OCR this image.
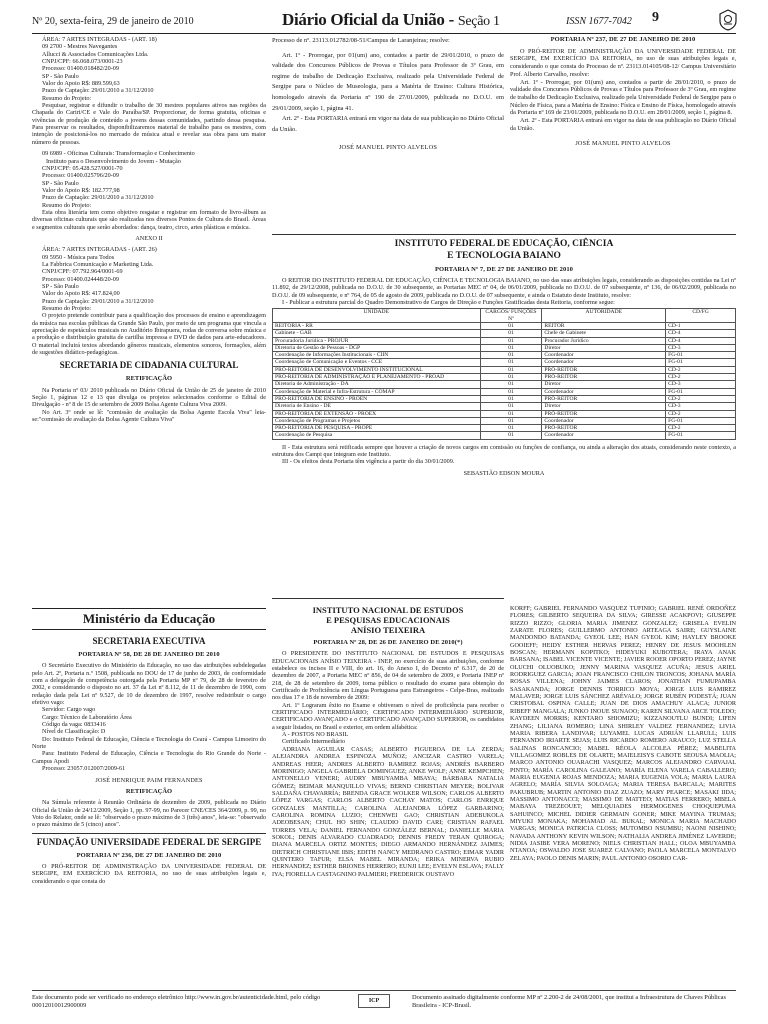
Nº 20, sexta-feira, 29 de janeiro de 2010	Diário Oficial da União - Seção 1	ISSN 1677-7042 9

ÁREA: 7 ARTES INTEGRADAS - (ART. 18)

09 2700 - Mestres Navegantes

Allucci & Associados Comunicações Ltda.

CNPJ/CPF: 66.068.073/0001-23

Processo: 01400.018482/20-09

SP - São Paulo

Valor do Apoio R$: 889.599,63

Prazo de Captação: 29/01/2010 a 31/12/2010

Resumo do Projeto:

Pesquisar, registrar e difundir o trabalho de 30 mestres populares ativos nas regiões da Chapada do Cariri/CE e Vale do Paraíba/SP. Proporcionar, de forma gratuita, oficinas e vivências de produção de conteúdo a jovens dessas comunidades, partindo dessa pesquisa. Para preservar os resultados, disponibilizaremos material de trabalho para os mestres, com intenção de posicioná-los no mercado de música atual e revelar sua obra para um maior número de pessoas.

09 6989 - Oficinas Culturais: Transformação e Conhecimento

Instituto para o Desenvolvimento do Jovem - Mutação

CNPJ/CPF: 05.428.527/0001-70

Processo: 01400.025796/20-09

SP - São Paulo

Valor do Apoio R$: 182.777,98

Prazo de Captação: 29/01/2010 a 31/12/2010

Resumo do Projeto:

Esta obra literária tem como objetivo resgatar e registrar em formato de livro-álbum as diversas oficinas culturais que são realizadas nos diversos Pontos de Cultura do Brasil. Áreas e segmentos culturais que serão abordados: dança, teatro, circo, artes plásticas e música.

ANEXO II

ÁREA: 7 ARTES INTEGRADAS - (ART. 26)

09 5950 - Música para Todos

La Fabbrica Comunicação e Marketing Ltda.

CNPJ/CPF: 07.792.964/0001-69

Processo: 01400.024448/20-09

SP - São Paulo

Valor do Apoio R$: 417.824,00

Prazo de Captação: 29/01/2010 a 31/12/2010

Resumo do Projeto:

O projeto pretende contribuir para a qualificação dos processos de ensino e aprendizagem da música nas escolas públicas da Grande São Paulo, por meio de um programa que vincula a apreciação de espetáculos musicais no Auditório Ibirapuera, rodas de conversa sobre música e a produção e distribuição gratuita de cartilha impressa e DVD de dados para arte-educadores. O material incluirá textos abordando gêneros musicais, elementos sonoros, formações, além de sugestões didático-pedagógicas.

SECRETARIA DE CIDADANIA CULTURAL
RETIFICAÇÃO

Na Portaria nº 03/ 2010 publicada no Diário Oficial da União de 25 de janeiro de 2010 Seção 1, páginas 12 e 13 que divulga os projetos selecionados conforme o Edital de Divulgação - nº 8 de 15 de setembro de 2009 Bolsa Agente Cultura Viva 2009.

No Art. 3º onde se lê: "comissão de avaliação da Bolsa Agente Escola Viva" leia-se:"comissão de avaliação da Bolsa Agente Cultura Viva"

Ministério da Educação
SECRETARIA EXECUTIVA
PORTARIA Nº 58, DE 28 DE JANEIRO DE 2010

O Secretário Executivo do Ministério da Educação, no uso das atribuições subdelegadas pelo Art. 2º, Portaria n.º 1508, publicada no DOU de 17 de junho de 2003, de conformidade com a delegação de competência outorgada pela Portaria MP nº 79, de 28 de fevereiro de 2002, e considerando o disposto no art. 37 da Lei nº 8.112, de 11 de dezembro de 1990, com redação dada pela Lei nº 9.527, de 10 de dezembro de 1997, resolve redistribuir o cargo efetivo vago:

Servidor: Cargo vago

Cargo: Técnico de Laboratório Área

Código da vaga: 0833416

Nível de Classificação: D

Do: Instituto Federal de Educação, Ciência e Tecnologia do Ceará - Campus Limoeiro do Norte

Para: Instituto Federal de Educação, Ciência e Tecnologia do Rio Grande do Norte - Campus Apodi

Processo: 23057.012007/2009-61

JOSÉ HENRIQUE PAIM FERNANDES

RETIFICAÇÃO

Na Súmula referente à Reunião Ordinária de dezembro de 2009, publicada no Diário Oficial da União de 24/12/2009, Seção 1, pp. 97-99, no Parecer CNE/CES 364/2009, p. 99, no Voto do Relator, onde se lê: "observado o prazo máximo de 3 (três) anos", leia-se: "observado o prazo máximo de 5 (cinco) anos".

FUNDAÇÃO UNIVERSIDADE FEDERAL DE SERGIPE
PORTARIA Nº 236, DE 27 DE JANEIRO DE 2010

O PRÓ-REITOR DE ADMINISTRAÇÃO DA UNIVERSIDADE FEDERAL DE SERGIPE, EM EXERCÍCIO DA REITORIA, no uso de suas atribuições legais e, considerando o que consta do

Processo de nº. 23113.012782/08-51/Campus de Laranjeiras; resolve:

Art. 1º - Prorrogar, por 01(um) ano, contados a partir de 29/01/2010, o prazo de validade dos Concursos Públicos de Provas e Títulos para Professor de 3º Grau, em regime de trabalho de Dedicação Exclusiva, realizado pela Universidade Federal de Sergipe para o Núcleo de Museologia, para a Matéria de Ensino: Cultura Histórica, homologado através da Portaria nº 190 de 27/01/2009, publicada no D.O.U. em 29/01/2009, seção 1, página 41.

Art. 2º - Esta PORTARIA entrará em vigor na data de sua publicação no Diário Oficial da União.

JOSÉ MANUEL PINTO ALVELOS

PORTARIA Nº 237, DE 27 DE JANEIRO DE 2010

O PRÓ-REITOR DE ADMINISTRAÇÃO DA UNIVERSIDADE FEDERAL DE SERGIPE, EM EXERCÍCIO DA REITORIA, no uso de suas atribuições legais e, considerando o que consta do Processo de nº. 23113.014105/08-12/ Campus Universitário Prof. Alberto Carvalho, resolve:

Art. 1º - Prorrogar, por 01(um) ano, contados a partir de 28/01/2010, o prazo de validade dos Concursos Públicos de Provas e Títulos para Professor de 3º Grau, em regime de trabalho de Dedicação Exclusiva, realizado pela Universidade Federal de Sergipe para o Núcleo de Física, para a Matéria de Ensino: Física e Ensino de Física, homologado através da Portaria nº 169 de 23/01/2009, publicada no D.O.U. em 28/01/2009, seção 1, página 8.

Art. 2º - Esta PORTARIA entrará em vigor na data de sua publicação no Diário Oficial da União.

JOSÉ MANUEL PINTO ALVELOS

INSTITUTO FEDERAL DE EDUCAÇÃO, CIÊNCIA
E TECNOLOGIA BAIANO
PORTARIA Nº 7, DE 27 DE JANEIRO DE 2010

O REITOR DO INSTITUTO FEDERAL DE EDUCAÇÃO, CIÊNCIA E TECNOLOGIA BAIANO, no uso das suas atribuições legais, considerando as disposições contidas na Lei nº 11.892, de 29/12/2008, publicada no D.O.U. de 30 subsequente, as Portarias MEC nº 04, de 06/01/2009, publicada no D.O.U. de 07 subsequente, nº 136, de 06/02/2009, publicada no D.O.U. de 09 subsequente, e nº 764, de 05 de agosto de 2009, publicada no D.O.U. de 07 subsequente, e ainda o Estatuto deste Instituto, resolve:

I - Publicar a estrutura parcial do Quadro Demonstrativo de Cargos de Direção e Funções Gratificadas desta Reitoria, conforme segue:

UNIDADE	CARGOS/ FUNÇÕES Nº	AUTORIDADE	CD/FG
REITORIA - RR	01	REITOR	CD-1
Gabinete - GAB	01	Chefe de Gabinete	CD-4
Procuradoria Jurídica - PROJUR	01	Procurador Jurídico	CD-4
Diretoria de Gestão de Pessoas - DGP	01	Diretor	CD-3
Coordenação de Informações Institucionais - CIIN	01	Coordenador	FG-01
Coordenação de Comunicação e Eventos - CCE	01	Coordenador	FG-01
PRÓ-REITORIA DE DESENVOLVIMENTO INSTITUCIONAL	01	PRÓ-REITOR	CD-2
PRÓ-REITORIA DE ADMINISTRAÇÃO E PLANEJAMENTO - PROAD	01	PRÓ-REITOR	CD-2
Diretoria de Administração - DA	01	Diretor	CD-3
Coordenação de Material e Infra-Estrutura - COMAP	01	Coordenador	FG-01
PRÓ-REITORIA DE ENSINO - PROEN	01	PRÓ-REITOR	CD-2
Diretoria de Ensino - DE	01	Diretor	CD-3
PRÓ-REITORIA DE EXTENSÃO - PROEX	01	PRÓ-REITOR	CD-2
Coordenação de Programas e Projetos	01	Coordenador	FG-01
PRÓ-REITORIA DE PESQUISA - PROPE	01	PRÓ-REITOR	CD-2
Coordenação de Pesquisa	01	Coordenador	FG-01

II - Esta estrutura será retificada sempre que houver a criação de novos cargos em comissão ou funções de confiança, ou ainda a alteração dos atuais, considerando neste contexto, a estrutura dos Campi que integram este Instituto.

III - Os efeitos desta Portaria têm vigência a partir do dia 30/01/2009.

SEBASTIÃO EDSON MOURA

INSTITUTO NACIONAL DE ESTUDOS
E PESQUISAS EDUCACIONAIS
ANÍSIO TEIXEIRA
PORTARIA Nº 28, DE 26 DE JANEIRO DE 2010(*)

O PRESIDENTE DO INSTITUTO NACIONAL DE ESTUDOS E PESQUISAS EDUCACIONAIS ANÍSIO TEIXEIRA - INEP, no exercício de suas atribuições, conforme estabelece os incisos II e VIII, do art. 16, do Anexo I, do Decreto nº 6.317, de 20 de dezembro de 2007, a Portaria MEC nº 856, de 04 de setembro de 2009, e Portaria INEP nº 218, de 28 de setembro de 2009, torna público o resultado do exame para obtenção do Certificado de Proficiência em Língua Portuguesa para Estrangeiros - Celpe-Bras, realizado nos dias 17 e 18 de novembro de 2009:

Art. 1º Lograram êxito no Exame e obtiveram o nível de proficiência para receber o CERTIFICADO INTERMEDIÁRIO; CERTIFICADO INTERMEDIÁRIO SUPERIOR, CERTIFICADO AVANÇADO e o CERTIFICADO AVANÇADO SUPERIOR, os candidatos a seguir listados, no Brasil e exterior, em ordem alfabética:

A - POSTOS NO BRASIL

Certificado Intermediário

ADRIANA AGUILAR CASAS; ALBERTO FIGUEROA DE LA ZERDA; ALEJANDRA ANDREA ESPINOZA MUÑOZ; ANCIZAR CASTRO VARELA; ANDREAS HEER; ANDRES ALBERTO RAMIREZ ROJAS; ANDRÉS BARBERO MORINIGO; ANGELA GABRIELA DOMINGUEZ; ANKE WOLF; ANNE KEMPCHEN; ANTONELLO VENERI; AUDRY MBUYAMBA MBAYA; BÁRBARA NATALIA GÓMEZ; BEIMAR MANQUILLO VIVAS; BERND CHRISTIAN MEYER; BOLIVAR SALDAÑA CHAVARRÍA; BRENDA GRACE WOLKER WILSON; CARLOS ALBERTO LÓPEZ VARGAS; CARLOS ALBERTO CACHAY MATOS; CARLOS ENRIQUE GONZALES MANTILLA; CAROLINA ALEJANDRA LÓPEZ GARBARINO; CAROLINA ROMINA LUZIO; CHENWEI GAO; CHRISTIAN ADEBUKOLA ADEOBESAN; CHUL HO SHIN; CLAUDIO DAVID CARI; CRISTIAN RAFAEL TORRES VELA; DANIEL FERNANDO GONZÁLEZ BERNAL; DANIELLE MARIA SOKOL; DENIS ALVARADO CUADRADO; DENNIS FREDY TERAN QUIROGA; DIANA MARCELA ORTIZ MONTES; DIEGO ARMANDO HERNÁNDEZ JAIMES; DIETRICH CHRISTIANE IBIS; EDITH NANCY MEDRANO CASTRO; EIMAR YADIR QUINTERO TAFUR; ELSA MABEL MIRANDA; ERIKA MINERVA RUBIO HERNANDEZ; ESTHER BRIONES HERRERO; EUNJI LEE; EVELYN ESLAVA; FALLY IYA; FIORELLA CASTAGNINO PALMIERI; FREDERICK OUSTAVO

KORFF; GABRIEL FERNANDO VASQUEZ TUFINIO; GABRIEL RENÉ ORDOÑEZ FLORES; GILBERTO SEQUEIRA DA SILVA; GIRESSE ACAKPOVI; GIUSEPPE RIZZO RIZZO; GLORIA MARIA JIMENEZ GONZALEZ; GRISELA EVELIN ZARATE FLORES; GUILLERMO ANTONIO ARTEAGA SAIRE; GUYSLAINE MANDONDO BATANDA; GYEOL LEE; HAN GYEOL KIM; HAYLEY BROOKE GOOIEFF; HEIDY ESTHER HERVAS PEREZ; HENRY DE JESUS MOOHLEN BOSCAN; HERMANN KOPITKO; HIDEYUKI KUBOTERA; IRAYA ANAK BARSANA; ISABEL VICENTE VICENTE; JAVIER ROOER OPORTO PEREZ; JAYNE OLUCHI OLUOBUKO; JENNY MARINA VASQUEZ ACUÑA; JESUS ARIEL RODRIGUEZ GARCIA; JOAN FRANCISCO CHILON TRONCOS; JOHANA MARÍA ROSAS VILLENA; JOHNY JAIMES CLAROS; JONATHAN FUMUPAMBA SASAKANDA; JORGE DENNIS TORRICO MOYA; JORGE LUIS RAMIREZ MALAVER; JORGE LUIS SÁNCHEZ ARÉVALO; JORGE RUBÉN PODESTÁ; JUAN CRISTOBAL OSPINA CALLE; JUAN DE DIOS AMACHUY ALACA; JUNIOR RIBEFF MANGALA; JUNKO INOUE SUNAOO; KAREN SILVANA ARCE TOLEDO; KAYDEEN MORRIS; KENTARO SHIOMIZU; KIZZANOUTLU BUNDI; LIFEN ZHANG; LILIANA ROMERO; LINA SHIRLEY VALDEZ FERNANDEZ; LIVIA MARIA RIBERA LANDIVAR; LUYAMEL LUCAS ADRIÁN LLARULL; LUIS FERNANDO IRIARTE SEJAS; LUIS RICARDO ROMERO ARAUCO; LUZ STELLA SALINAS RONCANCIO; MABEL RÉOLA ALCOLEA PÉREZ; MABELITA VILLAGOMEZ ROBLES DE OLARTE; MAIELEISYS CABOTE SEOUSA MAOLIA; MARCO ANTONIO OUARACHI VASQUEZ; MARCOS ALEJANDRO CARVAJAL PINTO; MARÍA CAROLINA GALEANO; MARÍA ELENA VARELA CABALLERO; MARIA EUGENIA ROJAS MENDOZA; MARIA EUGENIA VOLA; MARIA LAURA AGRELO; MARÍA SILVIA SOLOAGA; MARIA TERESA BARCALA; MARITES PAKUBRUB; MARTIN ANTONIO DIAZ ZUAZO; MARY PEARCE; MASAKI IIDA; MASSIMO ANTONACCI; MASSIMO DE MATTEO; MATIAS FERRERO; MBELA MABAYA TREZEOUET; MELQUIADES HERMOGENES CHOQUEPUMA SAHUINCO; MICHEL DIDIER GERMAIN GONER; MIKE MAYINA TRUMAS; MIYUKI MONAKA; MOHAMAD AL BUKAL; MONICA MARIA MACHADO VARGAS; MONICA PATRICIA CLOSS; MUTOMBO NSUMBU; NAONI NISHINO; NAVADA ANTHONY KEVIN WILSON; NATHALIA ANDREA JIMÉNEZ LAVERDE; NIDIA JASIBE VERA MORENO; NIELS CHRISTIAN HALL; OLOA MBUYAMBA NTANOA; OSWALDO JOSE SUAREZ CALVANO; PAOLA MARCELA MONTALVO ZELAYA; PAOLO DENIS MARIN; PAUL ANTONIO OSORIO CAR-

Este documento pode ser verificado no endereço eletrônico http://www.in.gov.br/autenticidade.html, pelo código 00012010012900009
ICP	Documento assinado digitalmente conforme MP nº 2.200-2 de 24/08/2001, que institui a Infraestrutura de Chaves Públicas Brasileira - ICP-Brasil.
